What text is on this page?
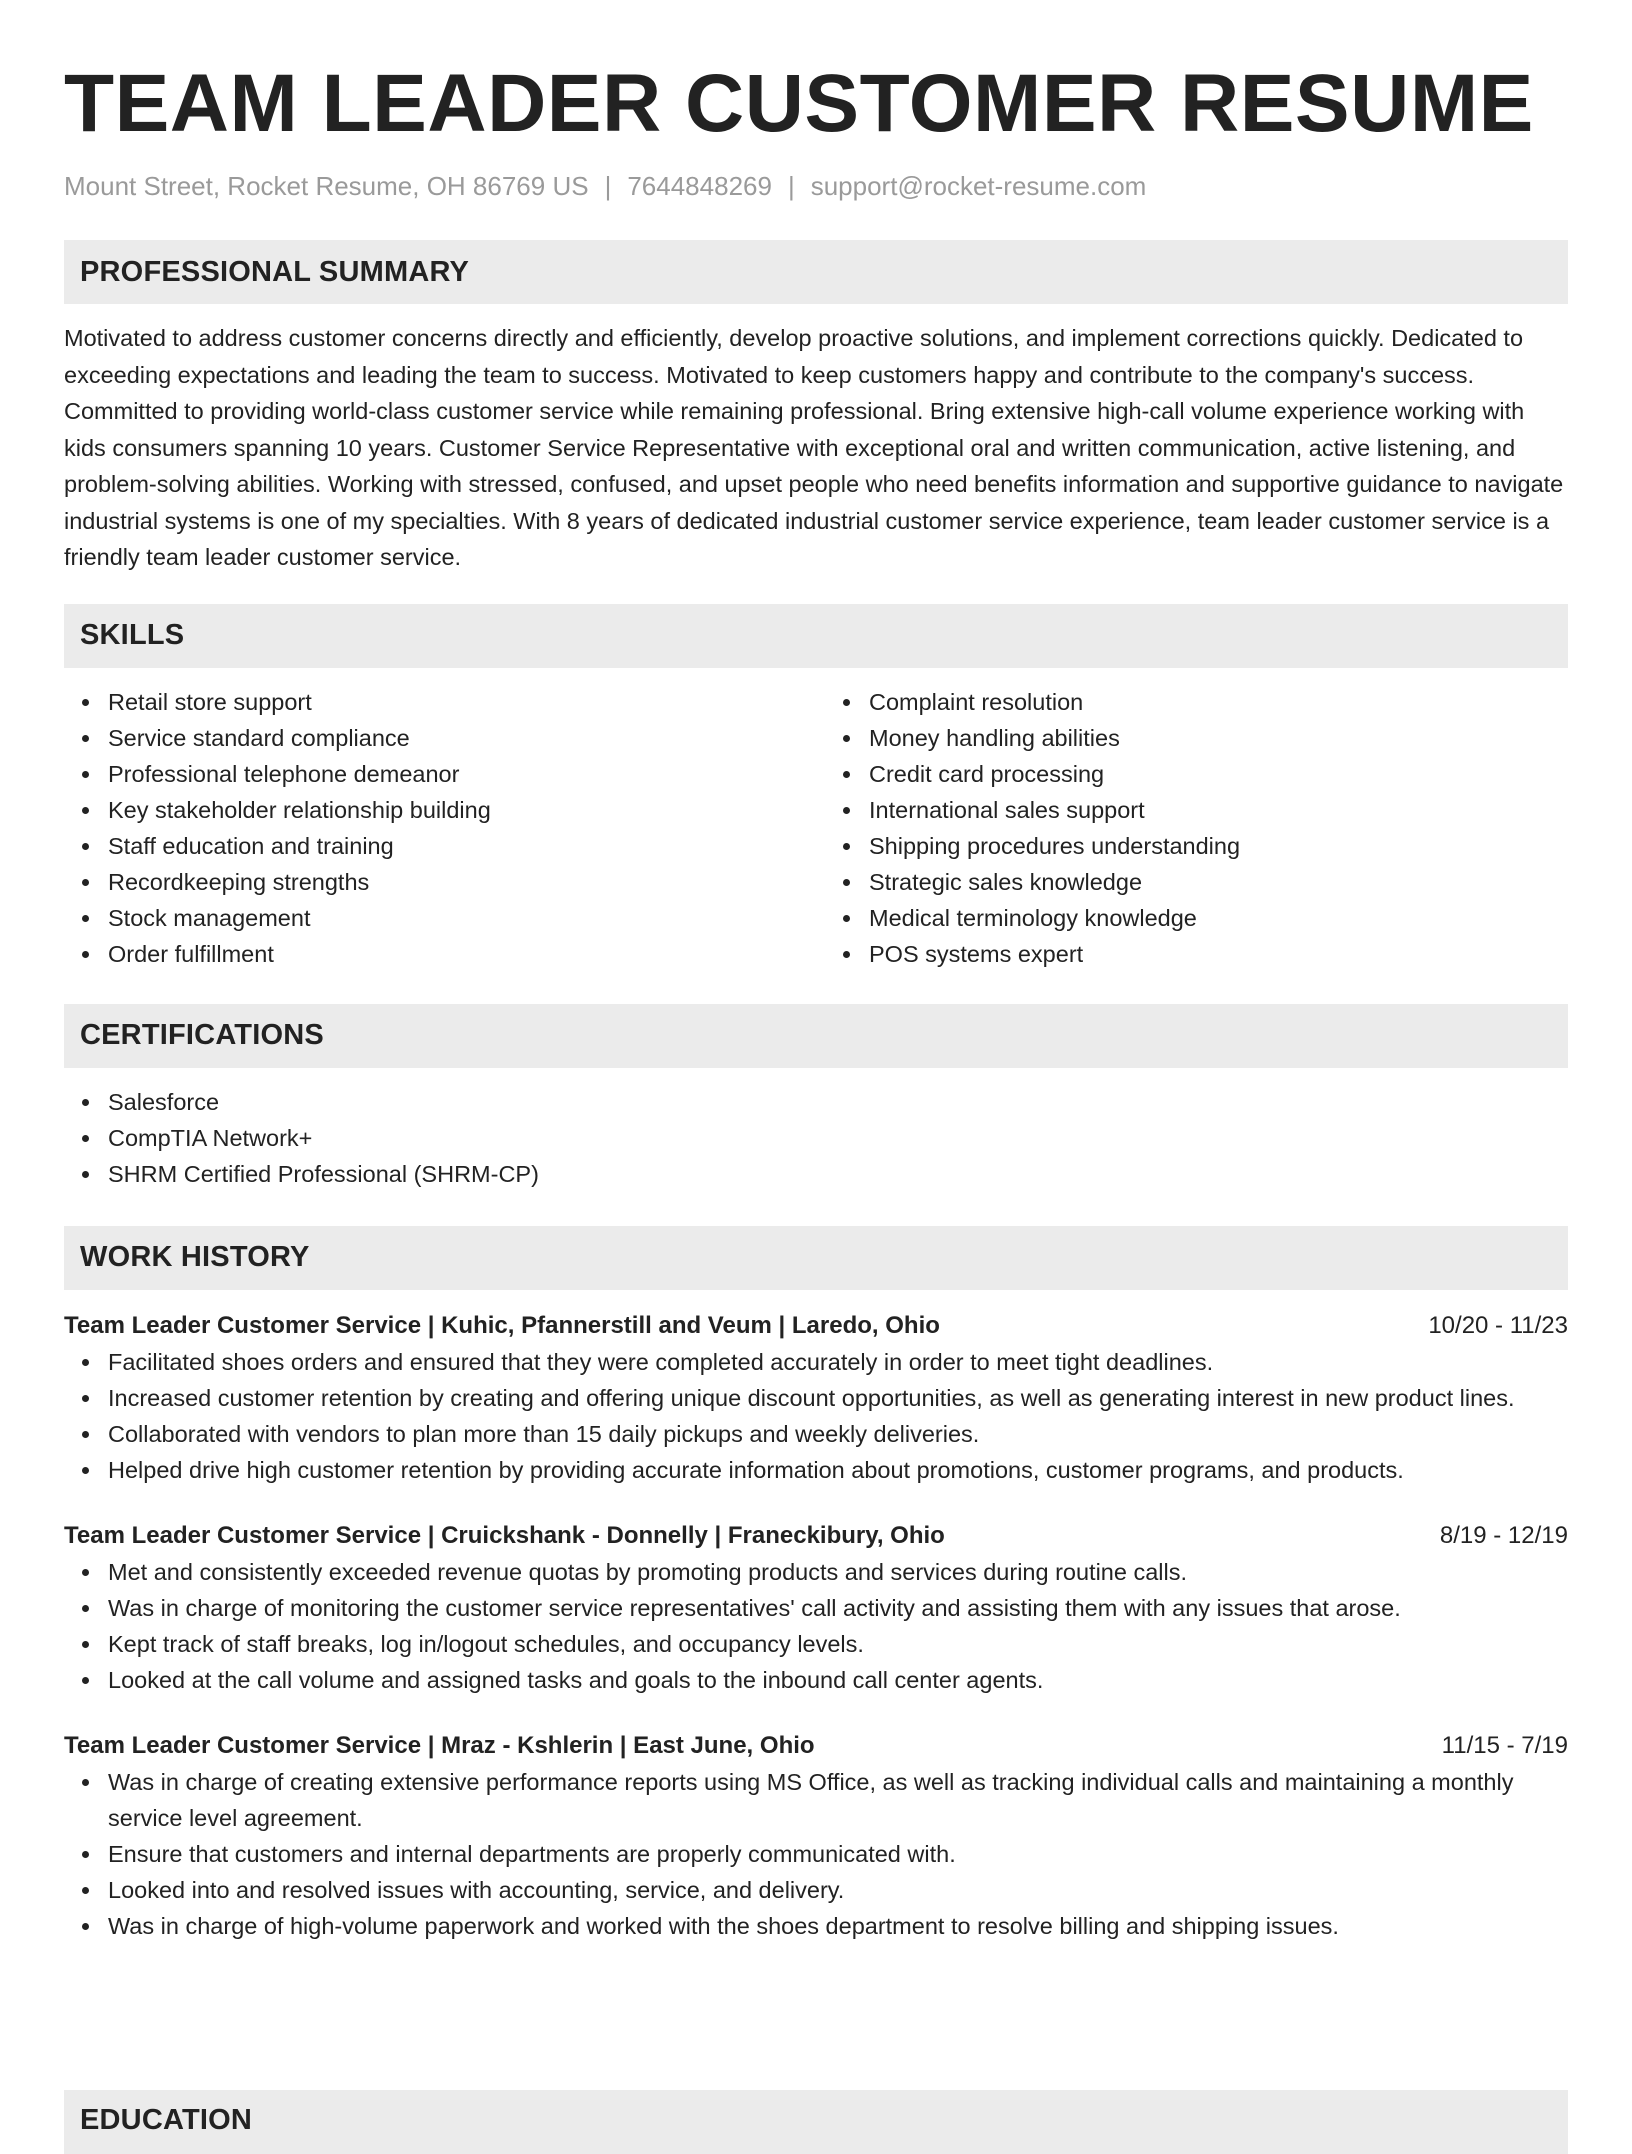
TEAM LEADER CUSTOMER RESUME
Mount Street, Rocket Resume, OH 86769 US | 7644848269 | support@rocket-resume.com
PROFESSIONAL SUMMARY

Motivated to address customer concerns directly and efficiently, develop proactive solutions, and implement corrections quickly. Dedicated to exceeding expectations and leading the team to success. Motivated to keep customers happy and contribute to the company's success. Committed to providing world-class customer service while remaining professional. Bring extensive high-call volume experience working with kids consumers spanning 10 years. Customer Service Representative with exceptional oral and written communication, active listening, and problem-solving abilities. Working with stressed, confused, and upset people who need benefits information and supportive guidance to navigate industrial systems is one of my specialties. With 8 years of dedicated industrial customer service experience, team leader customer service is a friendly team leader customer service.

SKILLS
Retail store support
Service standard compliance
Professional telephone demeanor
Key stakeholder relationship building
Staff education and training
Recordkeeping strengths
Stock management
Order fulfillment
Complaint resolution
Money handling abilities
Credit card processing
International sales support
Shipping procedures understanding
Strategic sales knowledge
Medical terminology knowledge
POS systems expert
CERTIFICATIONS
Salesforce
CompTIA Network+
SHRM Certified Professional (SHRM-CP)
WORK HISTORY
Team Leader Customer Service | Kuhic, Pfannerstill and Veum | Laredo, Ohio	10/20 - 11/23
Facilitated shoes orders and ensured that they were completed accurately in order to meet tight deadlines.
Increased customer retention by creating and offering unique discount opportunities, as well as generating interest in new product lines.
Collaborated with vendors to plan more than 15 daily pickups and weekly deliveries.
Helped drive high customer retention by providing accurate information about promotions, customer programs, and products.
Team Leader Customer Service | Cruickshank - Donnelly | Franeckibury, Ohio	8/19 - 12/19
Met and consistently exceeded revenue quotas by promoting products and services during routine calls.
Was in charge of monitoring the customer service representatives' call activity and assisting them with any issues that arose.
Kept track of staff breaks, log in/logout schedules, and occupancy levels.
Looked at the call volume and assigned tasks and goals to the inbound call center agents.
Team Leader Customer Service | Mraz - Kshlerin | East June, Ohio	11/15 - 7/19
Was in charge of creating extensive performance reports using MS Office, as well as tracking individual calls and maintaining a monthly service level agreement.
Ensure that customers and internal departments are properly communicated with.
Looked into and resolved issues with accounting, service, and delivery.
Was in charge of high-volume paperwork and worked with the shoes department to resolve billing and shipping issues.
EDUCATION
